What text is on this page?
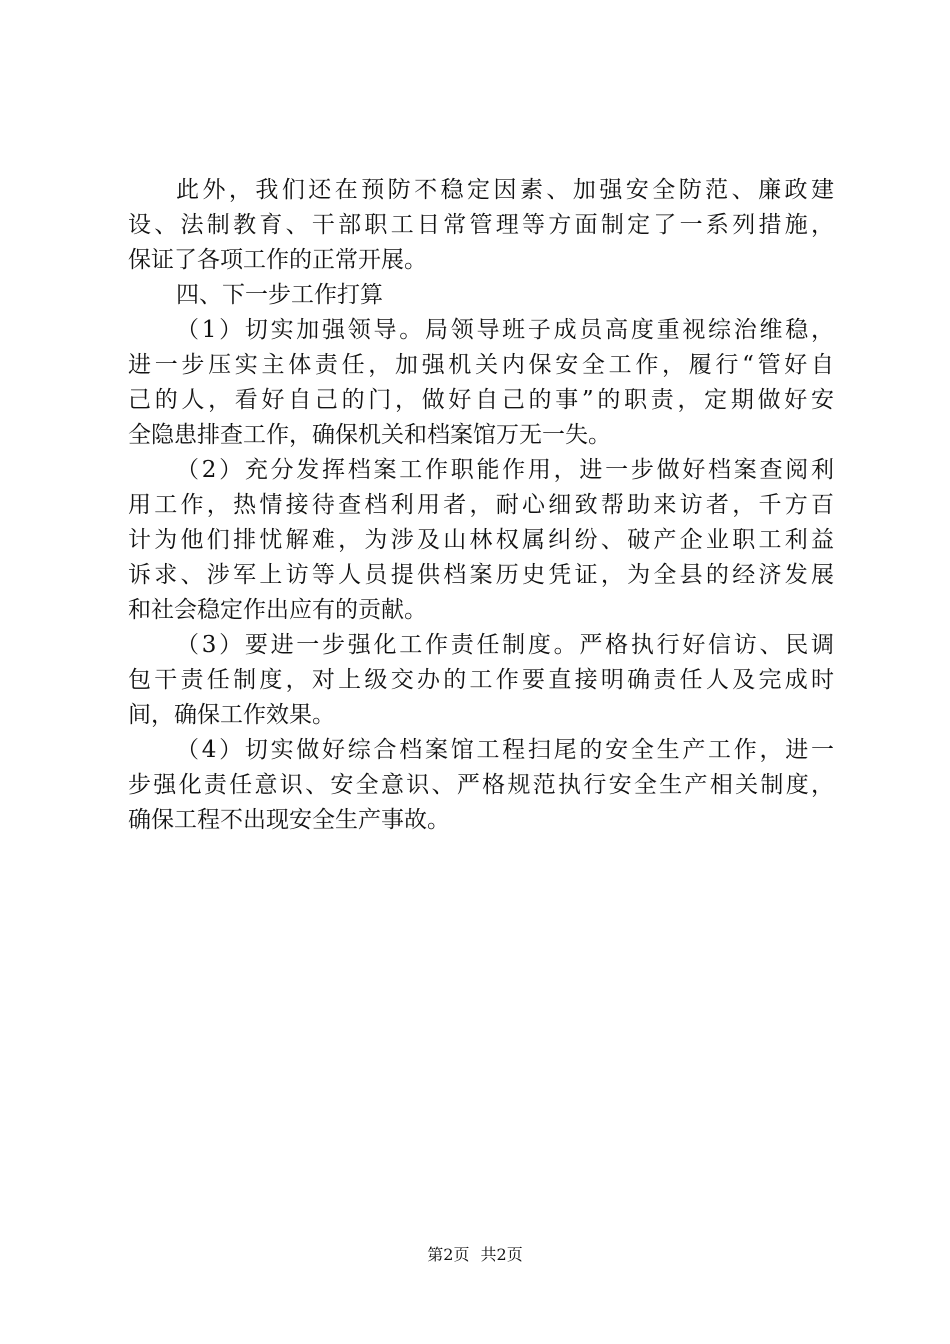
此外，我们还在预防不稳定因素、加强安全防范、廉政建
设、法制教育、干部职工日常管理等方面制定了一系列措施，
保证了各项工作的正常开展。
四、下一步工作打算
（1）切实加强领导。局领导班子成员高度重视综治维稳，
进一步压实主体责任，加强机关内保安全工作，履行“管好自
己的人，看好自己的门，做好自己的事”的职责，定期做好安
全隐患排查工作，确保机关和档案馆万无一失。
（2）充分发挥档案工作职能作用，进一步做好档案查阅利
用工作，热情接待查档利用者，耐心细致帮助来访者，千方百
计为他们排忧解难，为涉及山林权属纠纷、破产企业职工利益
诉求、涉军上访等人员提供档案历史凭证，为全县的经济发展
和社会稳定作出应有的贡献。
（3）要进一步强化工作责任制度。严格执行好信访、民调
包干责任制度，对上级交办的工作要直接明确责任人及完成时
间，确保工作效果。
（4）切实做好综合档案馆工程扫尾的安全生产工作，进一
步强化责任意识、安全意识、严格规范执行安全生产相关制度，
确保工程不出现安全生产事故。
第2页 共2页
